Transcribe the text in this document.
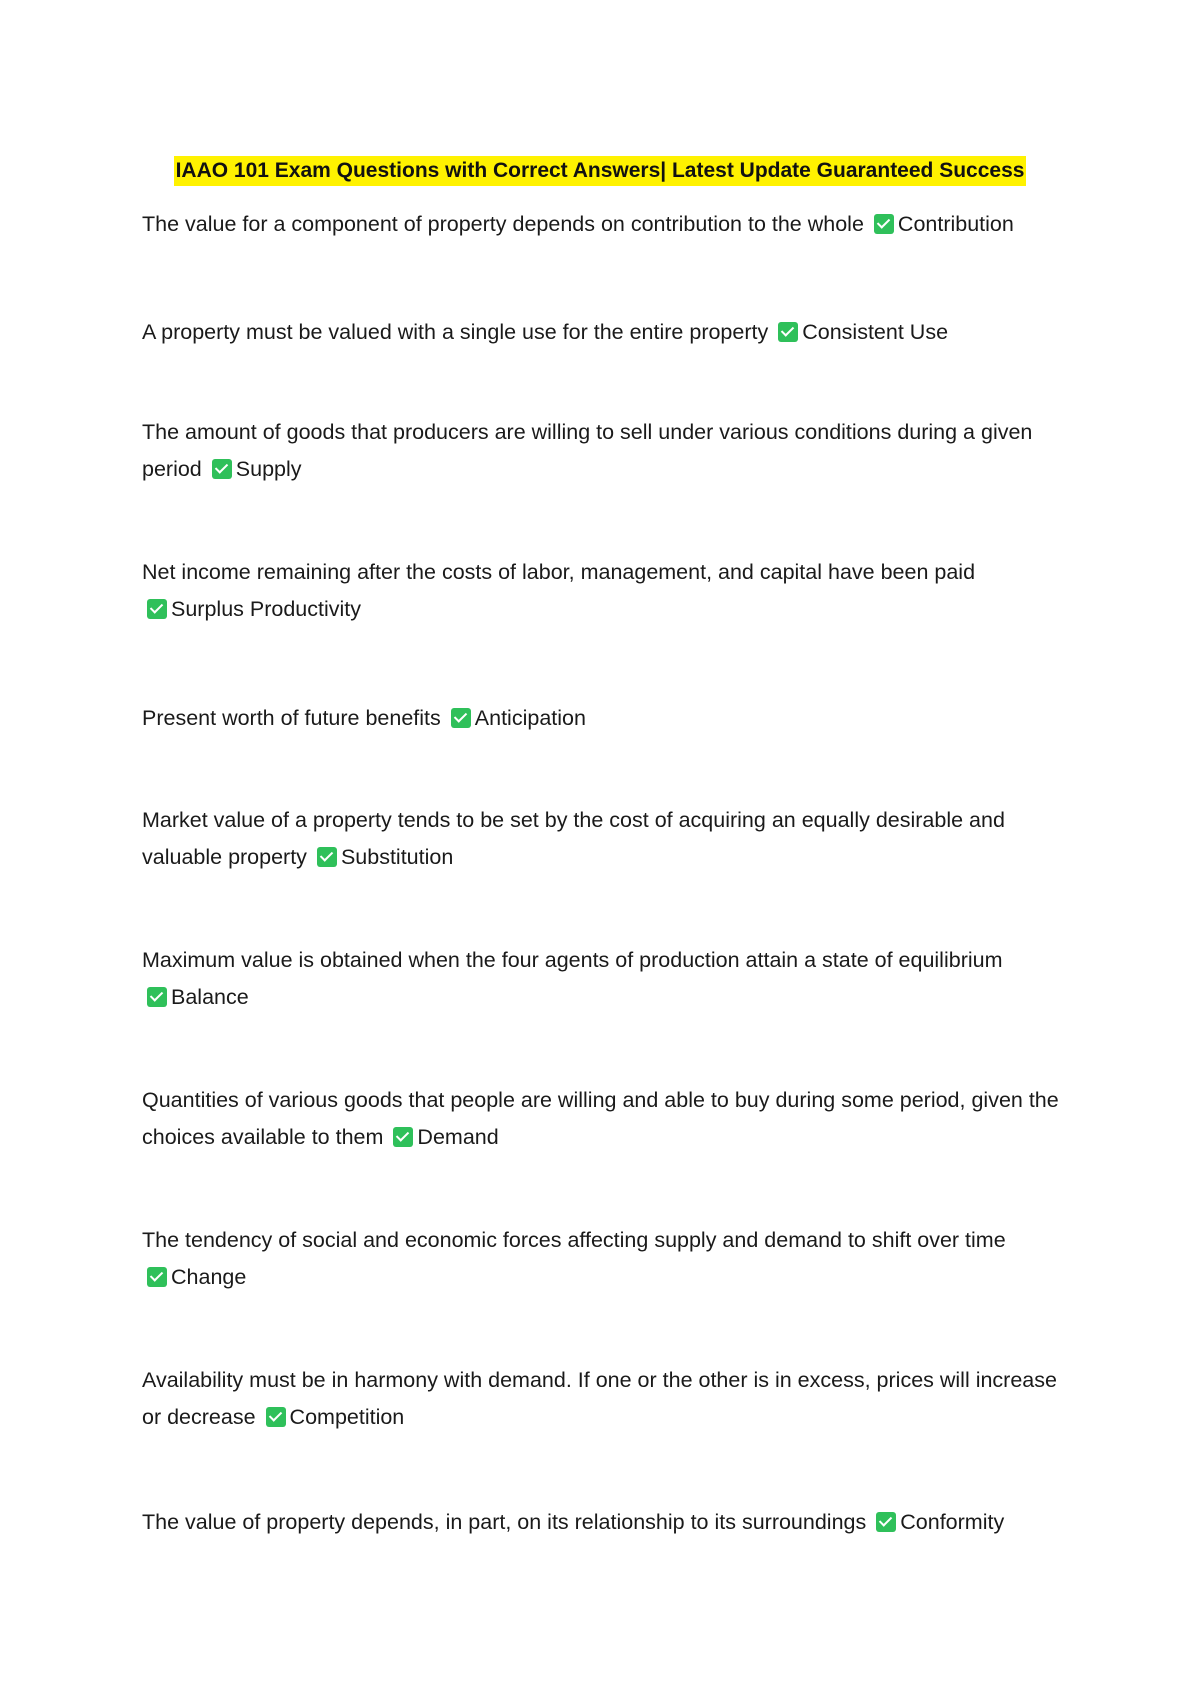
IAAO 101 Exam Questions with Correct Answers| Latest Update Guaranteed Success
The value for a component of property depends on contribution to the whole Contribution
A property must be valued with a single use for the entire property Consistent Use
The amount of goods that producers are willing to sell under various conditions during a given period Supply
Net income remaining after the costs of labor, management, and capital have been paid
Surplus Productivity
Present worth of future benefits Anticipation
Market value of a property tends to be set by the cost of acquiring an equally desirable and valuable property Substitution
Maximum value is obtained when the four agents of production attain a state of equilibrium
Balance
Quantities of various goods that people are willing and able to buy during some period, given the choices available to them Demand
The tendency of social and economic forces affecting supply and demand to shift over time
Change
Availability must be in harmony with demand. If one or the other is in excess, prices will increase or decrease Competition
The value of property depends, in part, on its relationship to its surroundings Conformity
